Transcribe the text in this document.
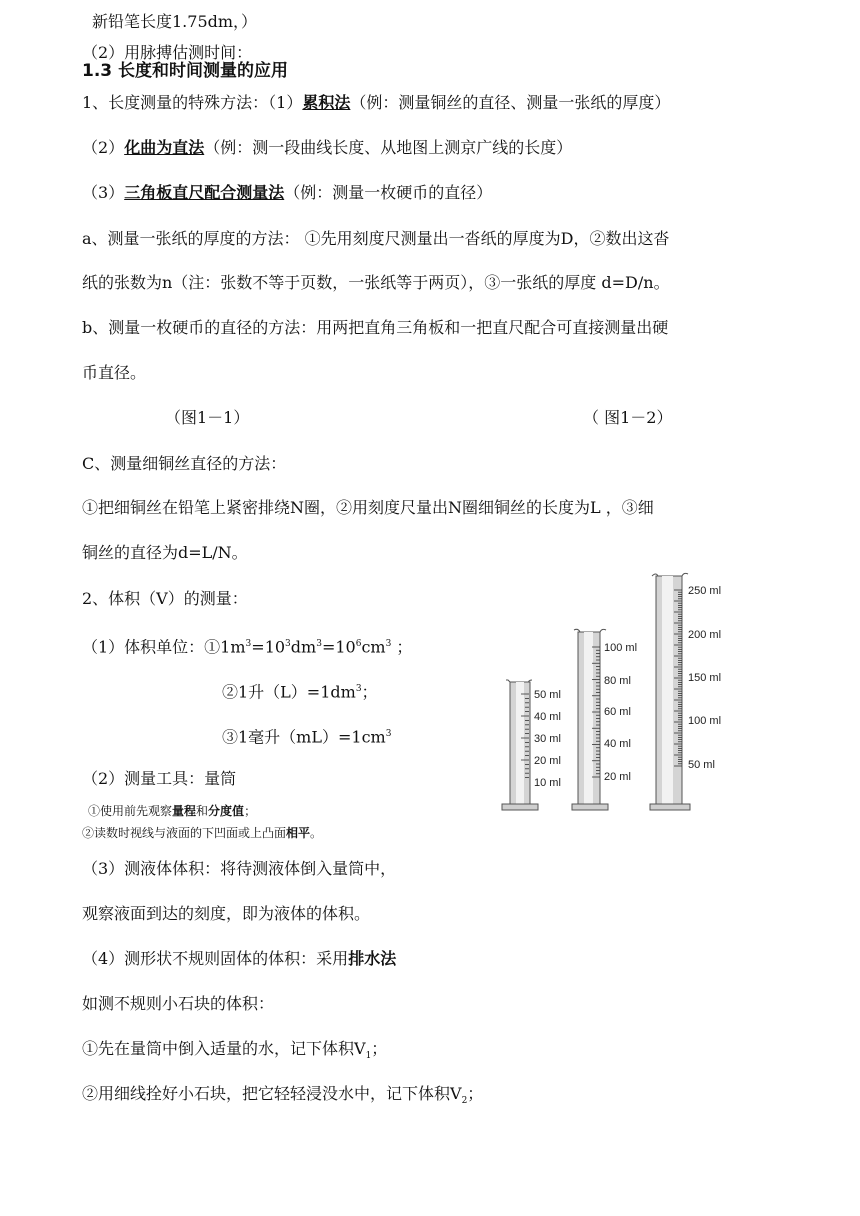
新铅笔长度1.75dm，）
（2）用脉搏估测时间：
1.3 长度和时间测量的应用
1、长度测量的特殊方法：（1）累积法（例：测量铜丝的直径、测量一张纸的厚度）
（2）化曲为直法（例：测一段曲线长度、从地图上测京广线的长度）
（3）三角板直尺配合测量法（例：测量一枚硬币的直径）
a、测量一张纸的厚度的方法： ①先用刻度尺测量出一沓纸的厚度为D，②数出这沓
纸的张数为n（注：张数不等于页数，一张纸等于两页），③一张纸的厚度 d=D/n。
b、测量一枚硬币的直径的方法：用两把直角三角板和一把直尺配合可直接测量出硬
币直径。
（图1－1）	（ 图1－2）
C、测量细铜丝直径的方法：
①把细铜丝在铅笔上紧密排绕N圈，②用刻度尺量出N圈细铜丝的长度为L ，③细
铜丝的直径为d=L/N。
2、体积（V）的测量：
（1）体积单位：$①1m^3=10^3dm^3=10^6cm^3$ ；
②1升$(L)=1dm^3$；
③1毫升$(mL)=1cm^3$
（2）测量工具：量筒
①使用前先观察量程和分度值；
②读数时视线与液面的下凹面或上凸面相平。
（3）测液体体积：将待测液体倒入量筒中，
观察液面到达的刻度，即为液体的体积。
（4）测形状不规则固体的体积：采用排水法
如测不规则小石块的体积：
①先在量筒中倒入适量的水，记下体积$V_1$；
②用细线拴好小石块，把它轻轻浸没水中，记下体积$V_2$；
50 ml
40 ml
30 ml
20 ml
10 ml
100 ml
80 ml
60 ml
40 ml
20 ml
250 ml
200 ml
150 ml
100 ml
50 ml
